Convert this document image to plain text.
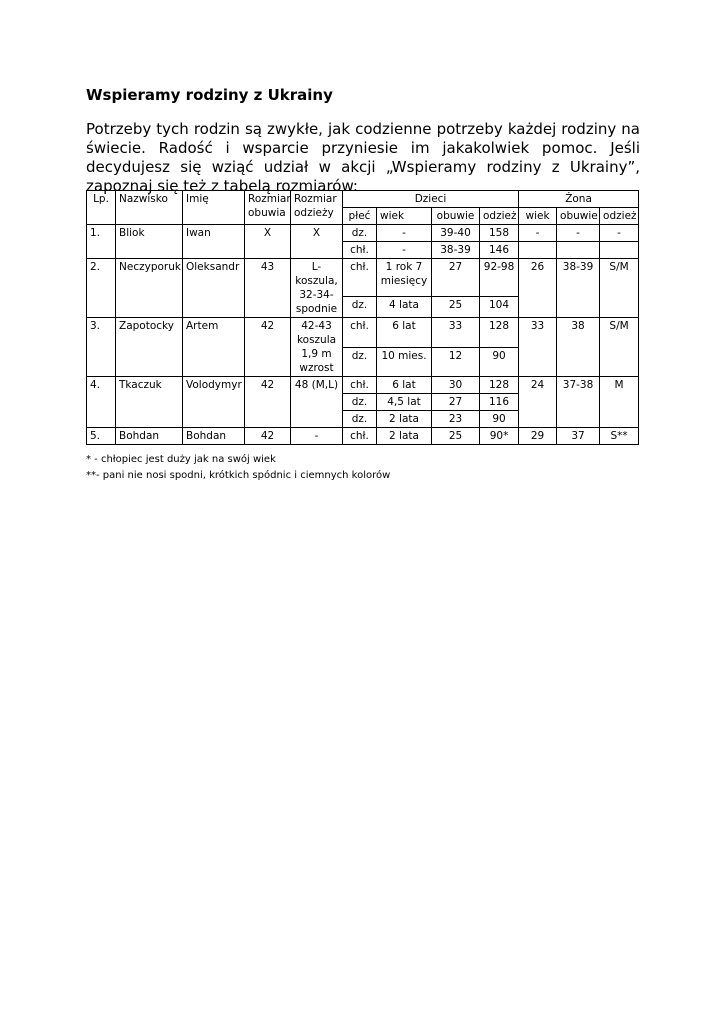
Wspieramy rodziny z Ukrainy
Potrzeby tych rodzin są zwykłe, jak codzienne potrzeby każdej rodziny na świecie. Radość i wsparcie przyniesie im jakakolwiek pomoc. Jeśli decydujesz się wziąć udział w akcji „Wspieramy rodziny z Ukrainy”, zapoznaj się też z tabelą rozmiarów:
Lp.	Nazwisko	Imię	Rozmiar obuwia	Rozmiar odzieży	Dzieci				Żona		
					płeć	wiek	obuwie	odzież	wiek	obuwie	odzież
1.	Bliok	Iwan	X	X	dz.	-	39-40	158	-	-	-
					chł.	-	38-39	146			
2.	Neczyporuk	Oleksandr	43	L-koszula, 32-34-spodnie	chł.	1 rok 7 miesięcy	27	92-98	26	38-39	S/M
					dz.	4 lata	25	104			
3.	Zapotocky	Artem	42	42-43 koszula 1,9 m wzrost	chł.	6 lat	33	128	33	38	S/M
					dz.	10 mies.	12	90			
4.	Tkaczuk	Volodymyr	42	48 (M,L)	chł.	6 lat	30	128	24	37-38	M
					dz.	4,5 lat	27	116			
					dz.	2 lata	23	90			
5.	Bohdan	Bohdan	42	-	chł.	2 lata	25	90*	29	37	S**
* - chłopiec jest duży jak na swój wiek
**- pani nie nosi spodni, krótkich spódnic i ciemnych kolorów
